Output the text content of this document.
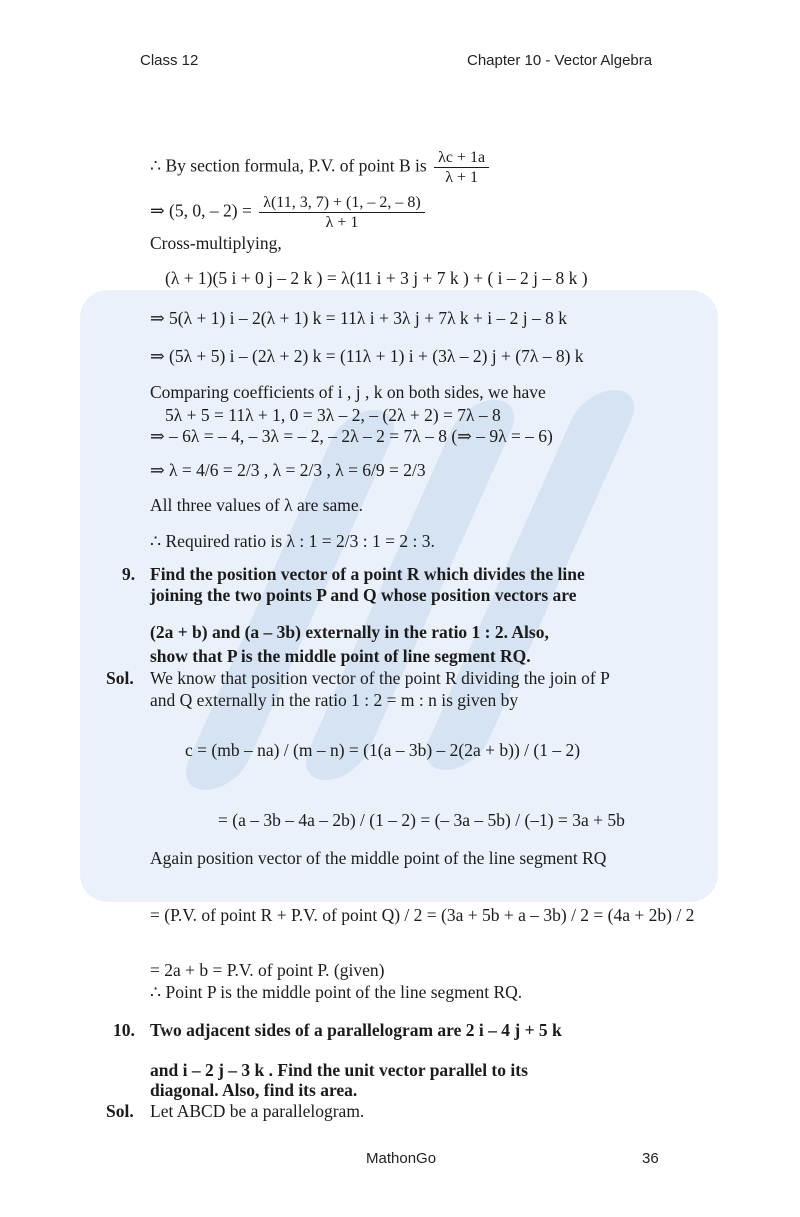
Class 12	Chapter 10 - Vector Algebra
∴ By section formula, P.V. of point B is $\frac{\lambda c + 1a}{\lambda + 1}$
⇒ (5, 0, – $2) = \frac{\lambda(11, 3, 7) + (1, - 2, - 8)}{\lambda + 1}$
Cross-multiplying,
(λ + 1)(5 i + 0 j – 2 k ) = λ(11 i + 3 j + 7 k ) + ( i – 2 j – 8 k )
⇒ 5(λ + 1) i – 2(λ + 1) k = 11λ i + 3λ j + 7λ k + i – 2 j – 8 k
⇒ (5λ + 5) i – (2λ + 2) k = (11λ + 1) i + (3λ – 2) j + (7λ – 8) k
Comparing coefficients of i , j , k on both sides, we have
5λ + 5 = 11λ + 1, 0 = 3λ – 2, – (2λ + 2) = 7λ – 8
⇒ – 6λ = – 4, – 3λ = – 2, – 2λ – 2 = 7λ – 8 (⇒ – 9λ = – 6)
⇒ λ = 4/6 = 2/3 , λ = 2/3 , λ = 6/9 = 2/3
All three values of λ are same.
∴ Required ratio is λ : 1 = 2/3 : 1 = 2 : 3.
9. Find the position vector of a point R which divides the line
joining the two points P and Q whose position vectors are
(2a + b) and (a – 3b) externally in the ratio 1 : 2. Also,
show that P is the middle point of line segment RQ.
Sol. We know that position vector of the point R dividing the join of P
and Q externally in the ratio 1 : 2 = m : n is given by
c = (mb – na) / (m – n) = (1(a – 3b) – 2(2a + b)) / (1 – 2)
= (a – 3b – 4a – 2b) / (1 – 2) = (– 3a – 5b) / (–1) = 3a + 5b
Again position vector of the middle point of the line segment RQ
= (P.V. of point R + P.V. of point Q) / 2 = (3a + 5b + a – 3b) / 2 = (4a + 2b) / 2
= 2a + b = P.V. of point P. (given)
∴ Point P is the middle point of the line segment RQ.
10. Two adjacent sides of a parallelogram are 2 i – 4 j + 5 k
and i – 2 j – 3 k . Find the unit vector parallel to its
diagonal. Also, find its area.
Sol. Let ABCD be a parallelogram.
MathonGo	36
